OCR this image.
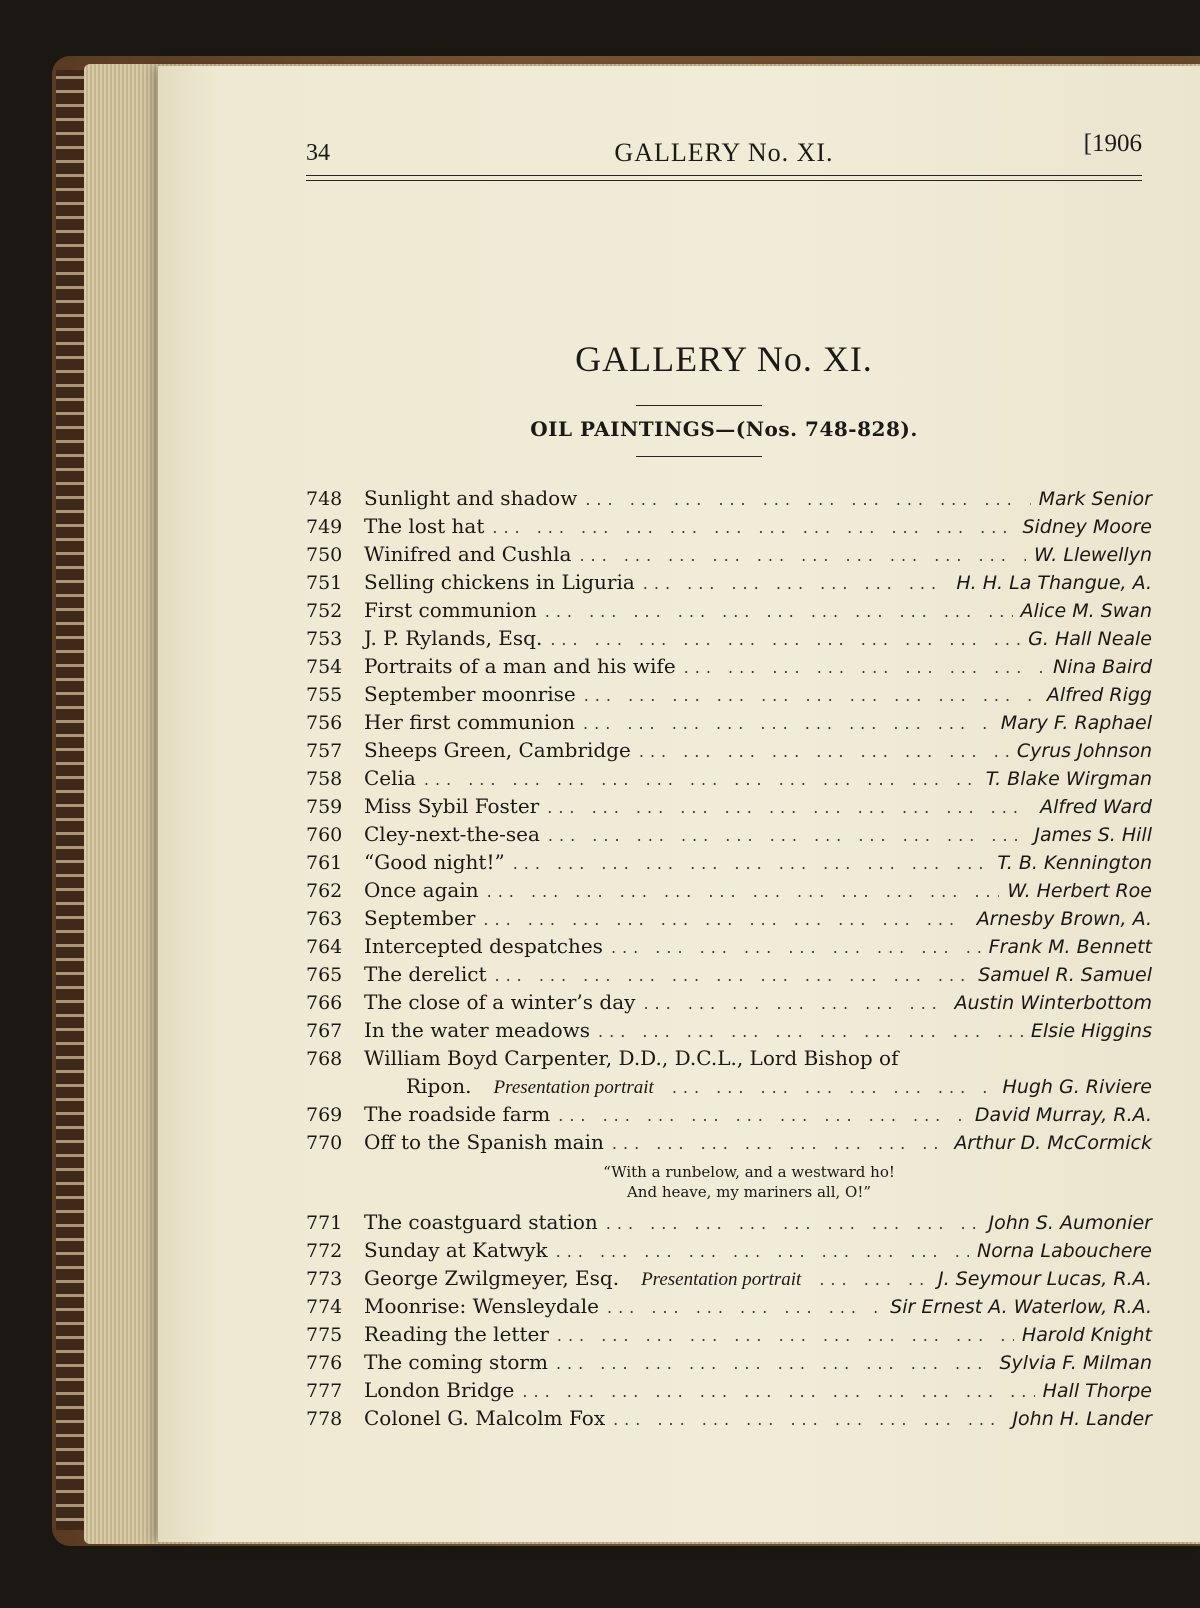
34	GALLERY No. XI.	[1906
GALLERY No. XI.
OIL PAINTINGS—(Nos. 748-828).
748	Sunlight and shadow ... .	Mark Senior
749	The lost hat ... .	Sidney Moore
750	Winifred and Cushla ... .	W. Llewellyn
751	Selling chickens in Liguria ... .	H. H. La Thangue, A.
752	First communion ... .	Alice M. Swan
753	J. P. Rylands, Esq. ... .	G. Hall Neale
754	Portraits of a man and his wife ... .	Nina Baird
755	September moonrise ... .	Alfred Rigg
756	Her first communion ... .	Mary F. Raphael
757	Sheeps Green, Cambridge ... .	Cyrus Johnson
758	Celia ... .	T. Blake Wirgman
759	Miss Sybil Foster ... .	Alfred Ward
760	Cley-next-the-sea ... .	James S. Hill
761	“Good night!” ... .	T. B. Kennington
762	Once again ... .	W. Herbert Roe
763	September ... .	Arnesby Brown, A.
764	Intercepted despatches ... .	Frank M. Bennett
765	The derelict ... .	Samuel R. Samuel
766	The close of a winter’s day ... .	Austin Winterbottom
767	In the water meadows ... .	Elsie Higgins
768	William Boyd Carpenter, D.D., D.C.L., Lord Bishop of
Ripon. Presentation portrait ... .	Hugh G. Riviere
769	The roadside farm ... .	David Murray, R.A.
770	Off to the Spanish main ... .	Arthur D. McCormick
“With a runbelow, and a westward ho!
And heave, my mariners all, O!”
771	The coastguard station ... .	John S. Aumonier
772	Sunday at Katwyk ... .	Norna Labouchere
773	George Zwilgmeyer, Esq. Presentation portrait ... .	J. Seymour Lucas, R.A.
774	Moonrise: Wensleydale ... .	Sir Ernest A. Waterlow, R.A.
775	Reading the letter ... .	Harold Knight
776	The coming storm ... .	Sylvia F. Milman
777	London Bridge ... .	Hall Thorpe
778	Colonel G. Malcolm Fox ... .	John H. Lander
